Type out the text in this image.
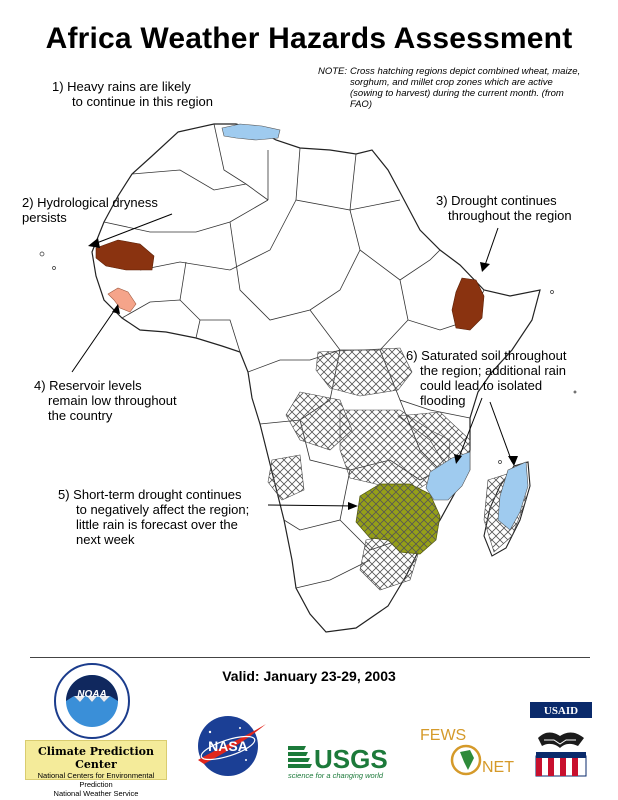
Africa Weather Hazards Assessment
NOTE: Cross hatching regions depict combined wheat, maize, sorghum, and millet crop zones which are active (sowing to harvest) during the current month. (from FAO)
1) Heavy rains are likely
to continue in this region
2) Hydrological dryness
persists
3) Drought continues
throughout the region
4) Reservoir levels
remain low throughout
the country
5) Short-term drought continues
to negatively affect the region;
little rain is forecast over the
next week
6) Saturated soil throughout
the region; additional rain
could lead to isolated
flooding
Valid: January 23-29, 2003
NOAA
Climate Prediction Center
National Centers for Environmental Prediction
National Weather Service
NASA	USGS
science for a changing world
FEWS
NET
USAID
